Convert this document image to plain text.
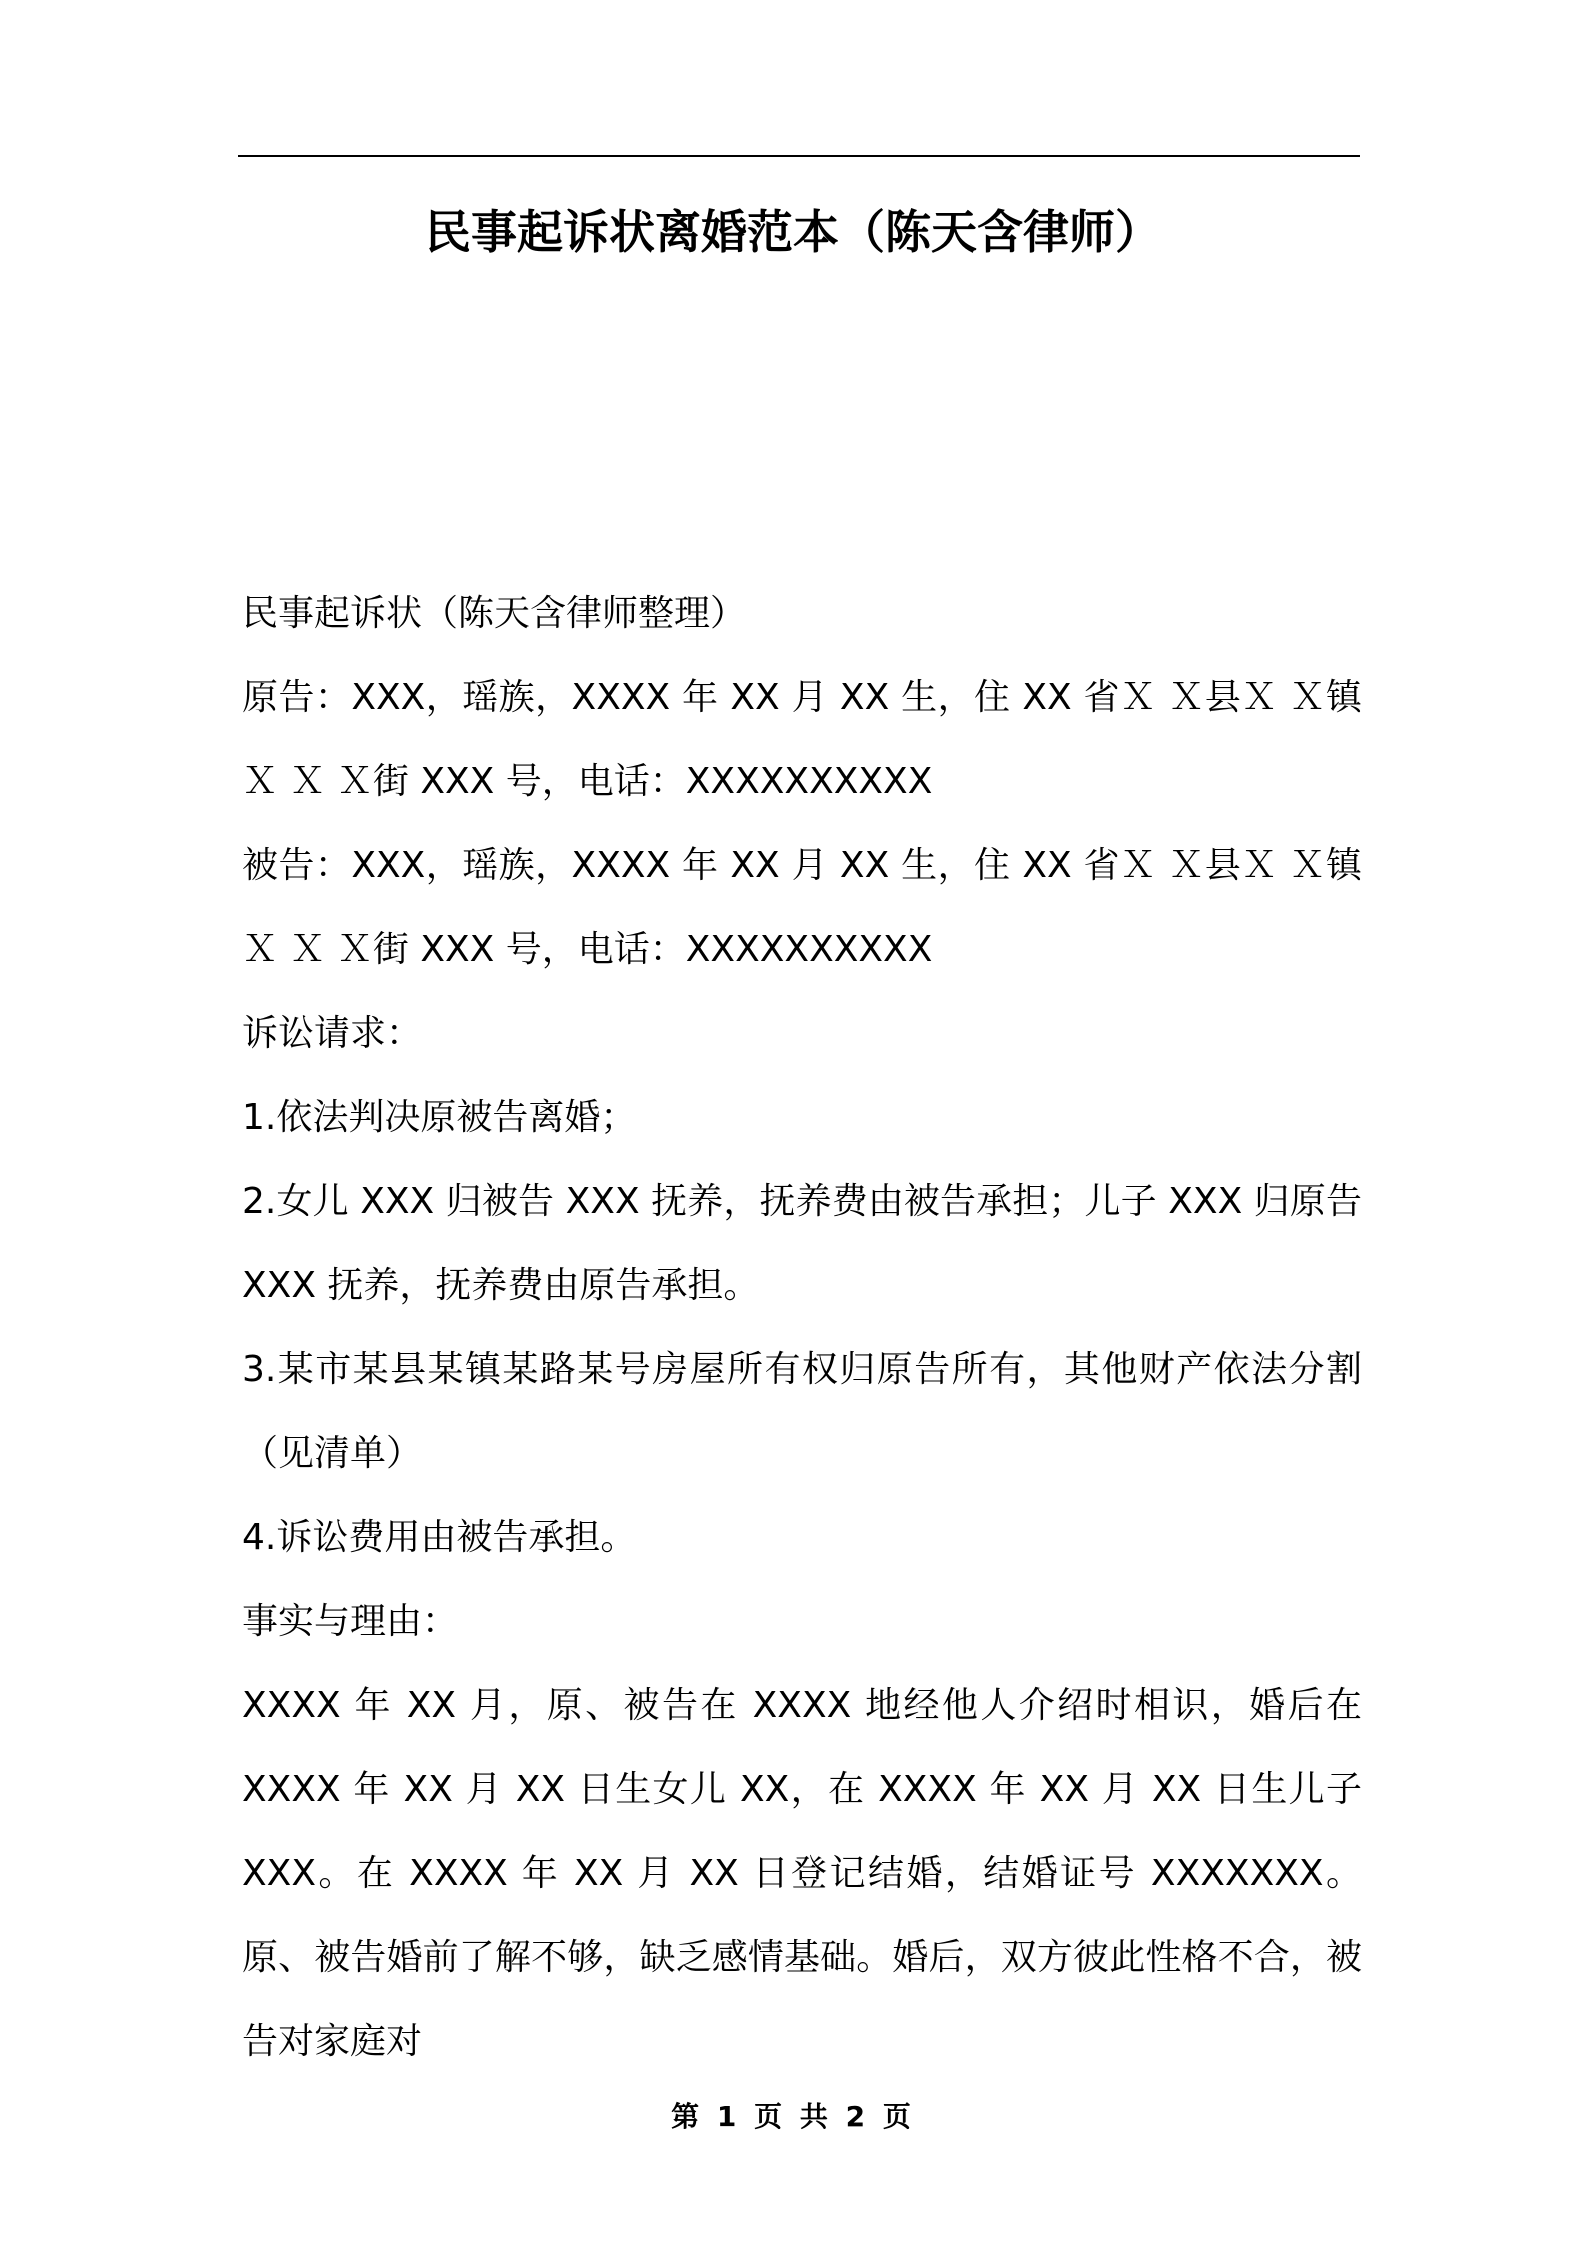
民事起诉状离婚范本（陈天含律师）

民事起诉状（陈天含律师整理）

原告：XXX，瑶族，XXXX 年 XX 月 XX 生，住 XX 省Ｘ Ｘ县Ｘ Ｘ镇Ｘ Ｘ Ｘ街 XXX 号，电话：XXXXXXXXXX

被告：XXX，瑶族，XXXX 年 XX 月 XX 生，住 XX 省Ｘ Ｘ县Ｘ Ｘ镇Ｘ Ｘ Ｘ街 XXX 号，电话：XXXXXXXXXX

诉讼请求：

1.依法判决原被告离婚；

2.女儿 XXX 归被告 XXX 抚养，抚养费由被告承担；儿子 XXX 归原告 XXX 抚养，抚养费由原告承担。

3.某市某县某镇某路某号房屋所有权归原告所有，其他财产依法分割（见清单）

4.诉讼费用由被告承担。

事实与理由：

XXXX 年 XX 月，原、被告在 XXXX 地经他人介绍时相识，婚后在 XXXX 年 XX 月 XX 日生女儿 XX，在 XXXX 年 XX 月 XX 日生儿子 XXX。在 XXXX 年 XX 月 XX 日登记结婚，结婚证号 XXXXXXX。原、被告婚前了解不够，缺乏感情基础。婚后，双方彼此性格不合，被告对家庭对

第 1 页 共 2 页
